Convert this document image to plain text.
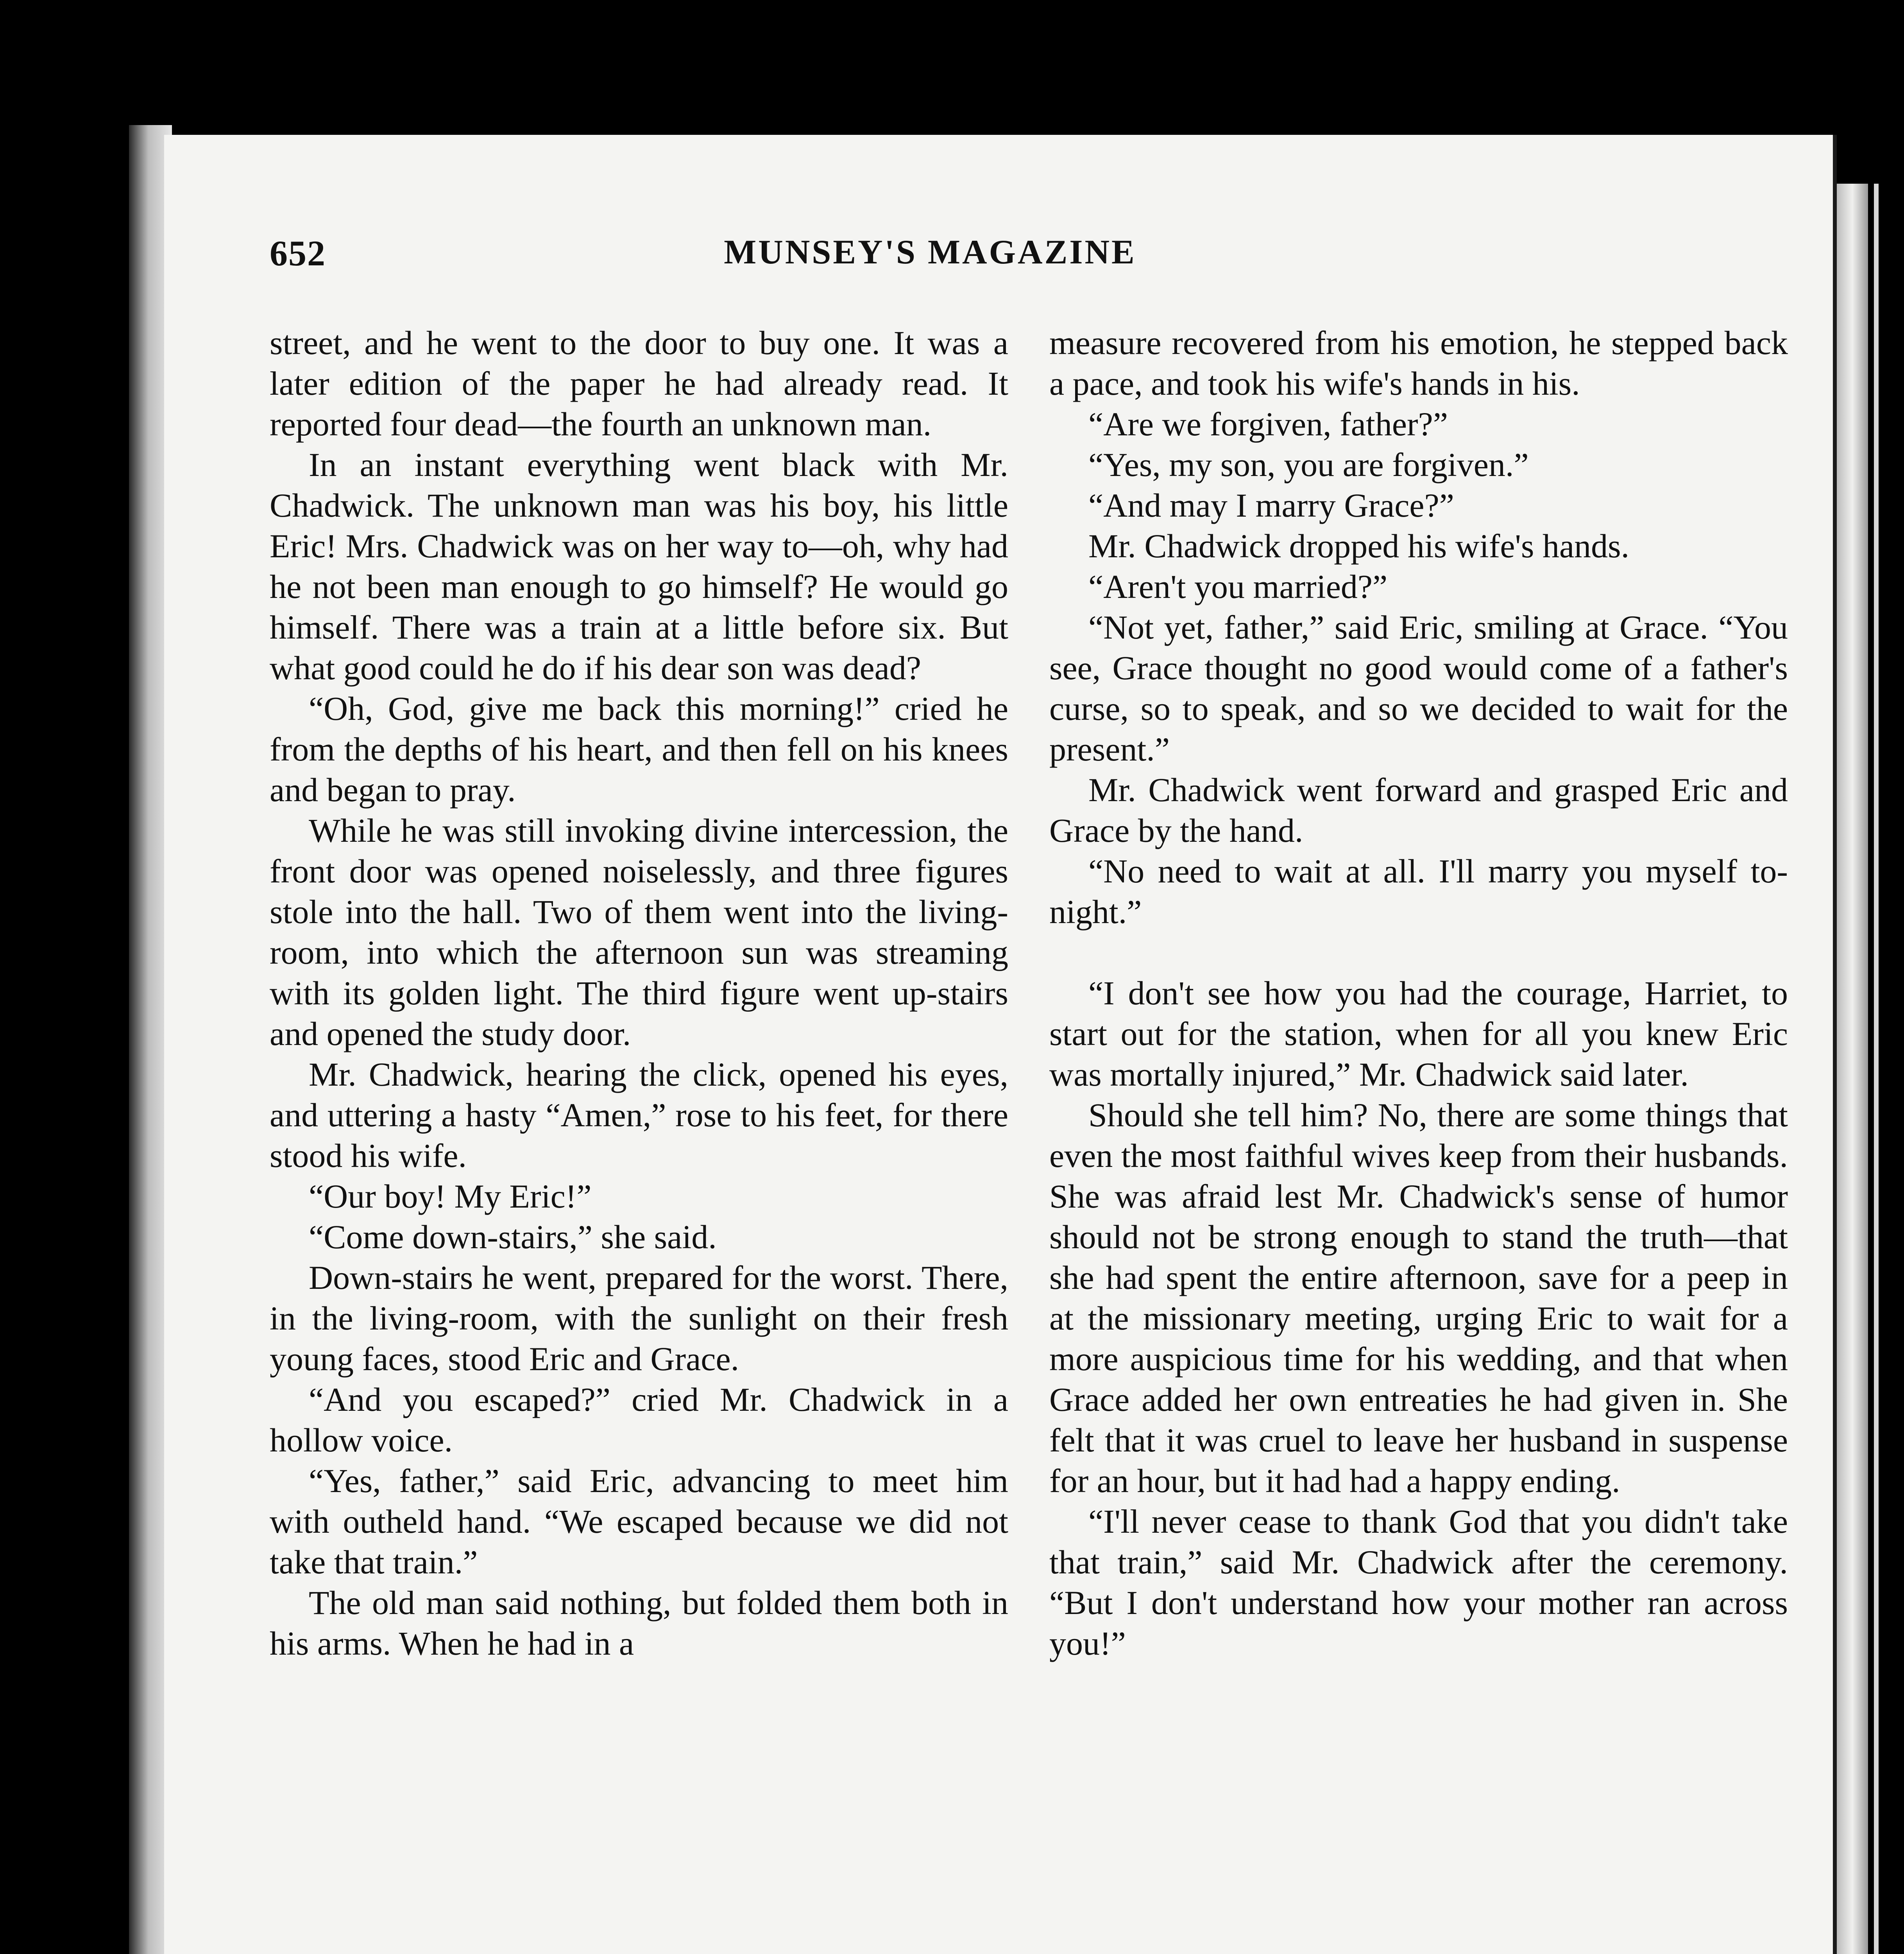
652	MUNSEY'S MAGAZINE

street, and he went to the door to buy one. It was a later edition of the paper he had already read. It reported four dead—the fourth an unknown man.

In an instant everything went black with Mr. Chadwick. The unknown man was his boy, his little Eric! Mrs. Chadwick was on her way to—oh, why had he not been man enough to go himself? He would go himself. There was a train at a little before six. But what good could he do if his dear son was dead?

“Oh, God, give me back this morning!” cried he from the depths of his heart, and then fell on his knees and began to pray.

While he was still invoking divine intercession, the front door was opened noiselessly, and three figures stole into the hall. Two of them went into the living-room, into which the afternoon sun was streaming with its golden light. The third figure went up-stairs and opened the study door.

Mr. Chadwick, hearing the click, opened his eyes, and uttering a hasty “Amen,” rose to his feet, for there stood his wife.

“Our boy! My Eric!”

“Come down-stairs,” she said.

Down-stairs he went, prepared for the worst. There, in the living-room, with the sunlight on their fresh young faces, stood Eric and Grace.

“And you escaped?” cried Mr. Chadwick in a hollow voice.

“Yes, father,” said Eric, advancing to meet him with outheld hand. “We escaped because we did not take that train.”

The old man said nothing, but folded them both in his arms. When he had in a

measure recovered from his emotion, he stepped back a pace, and took his wife's hands in his.

“Are we forgiven, father?”

“Yes, my son, you are forgiven.”

“And may I marry Grace?”

Mr. Chadwick dropped his wife's hands.

“Aren't you married?”

“Not yet, father,” said Eric, smiling at Grace. “You see, Grace thought no good would come of a father's curse, so to speak, and so we decided to wait for the present.”

Mr. Chadwick went forward and grasped Eric and Grace by the hand.

“No need to wait at all. I'll marry you myself to-night.”

“I don't see how you had the courage, Harriet, to start out for the station, when for all you knew Eric was mortally injured,” Mr. Chadwick said later.

Should she tell him? No, there are some things that even the most faithful wives keep from their husbands. She was afraid lest Mr. Chadwick's sense of humor should not be strong enough to stand the truth—that she had spent the entire afternoon, save for a peep in at the missionary meeting, urging Eric to wait for a more auspicious time for his wedding, and that when Grace added her own entreaties he had given in. She felt that it was cruel to leave her husband in suspense for an hour, but it had had a happy ending.

“I'll never cease to thank God that you didn't take that train,” said Mr. Chadwick after the ceremony. “But I don't understand how your mother ran across you!”
